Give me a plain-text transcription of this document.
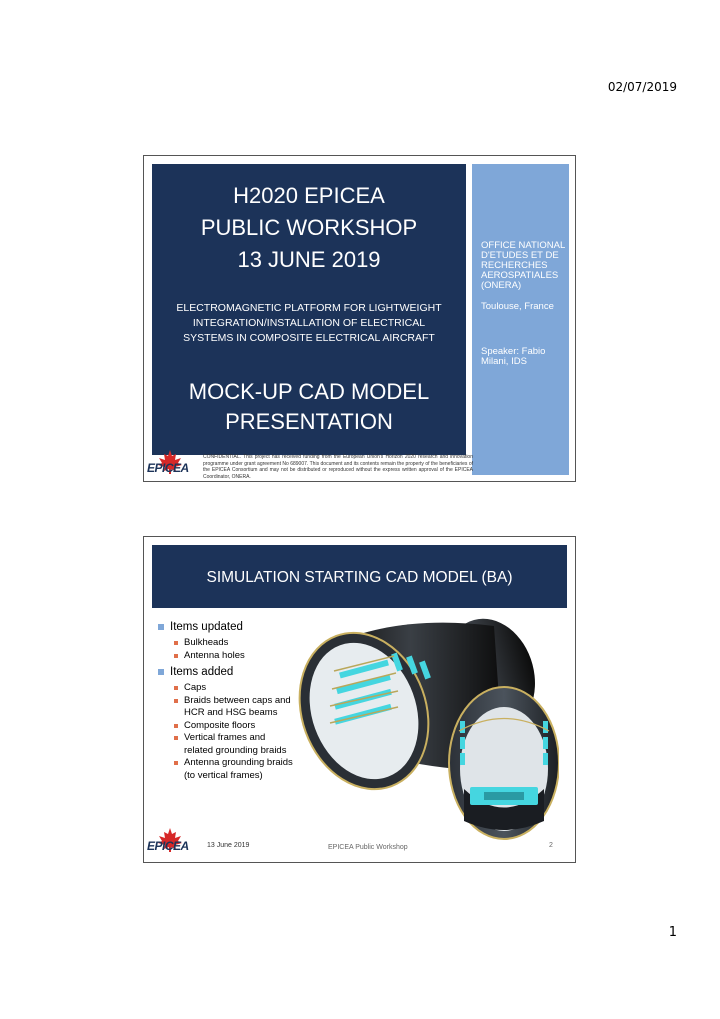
02/07/2019
H2020 EPICEA
PUBLIC WORKSHOP
13 JUNE 2019
ELECTROMAGNETIC PLATFORM FOR LIGHTWEIGHT
INTEGRATION/INSTALLATION OF ELECTRICAL
SYSTEMS IN COMPOSITE ELECTRICAL AIRCRAFT
MOCK-UP CAD MODEL
PRESENTATION
OFFICE NATIONAL D'ETUDES ET DE RECHERCHES AEROSPATIALES (ONERA)
Toulouse, France
Speaker: Fabio Milani, IDS
EPICEA
CONFIDENTIAL. This project has received funding from the European Union's Horizon 2020 research and innovation programme under grant agreement No 689007. This document and its contents remain the property of the beneficiaries of the EPICEA Consortium and may not be distributed or reproduced without the express written approval of the EPICEA Coordinator, ONERA.
SIMULATION STARTING CAD MODEL (BA)

Items updated

Bulkheads

Antenna holes

Items added

Caps

Braids between caps and HCR and HSG beams

Composite floors

Vertical frames and related grounding braids

Antenna grounding braids (to vertical frames)

EPICEA	13 June 2019	EPICEA Public Workshop	2
1
